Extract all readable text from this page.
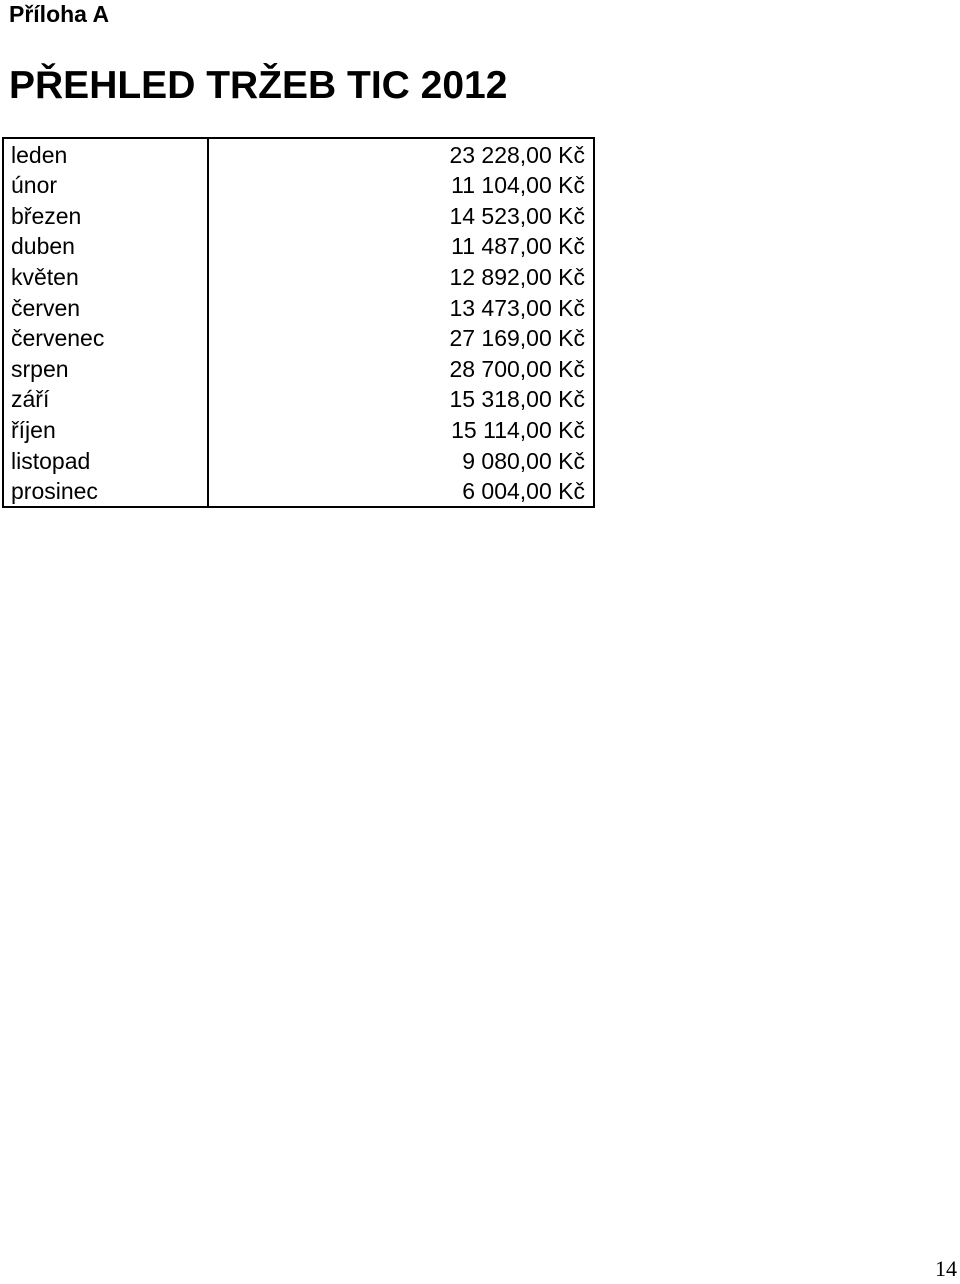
Příloha A
PŘEHLED TRŽEB TIC 2012
leden	23 228,00 Kč
únor	11 104,00 Kč
březen	14 523,00 Kč
duben	11 487,00 Kč
květen	12 892,00 Kč
červen	13 473,00 Kč
červenec	27 169,00 Kč
srpen	28 700,00 Kč
září	15 318,00 Kč
říjen	15 114,00 Kč
listopad	9 080,00 Kč
prosinec	6 004,00 Kč
14
